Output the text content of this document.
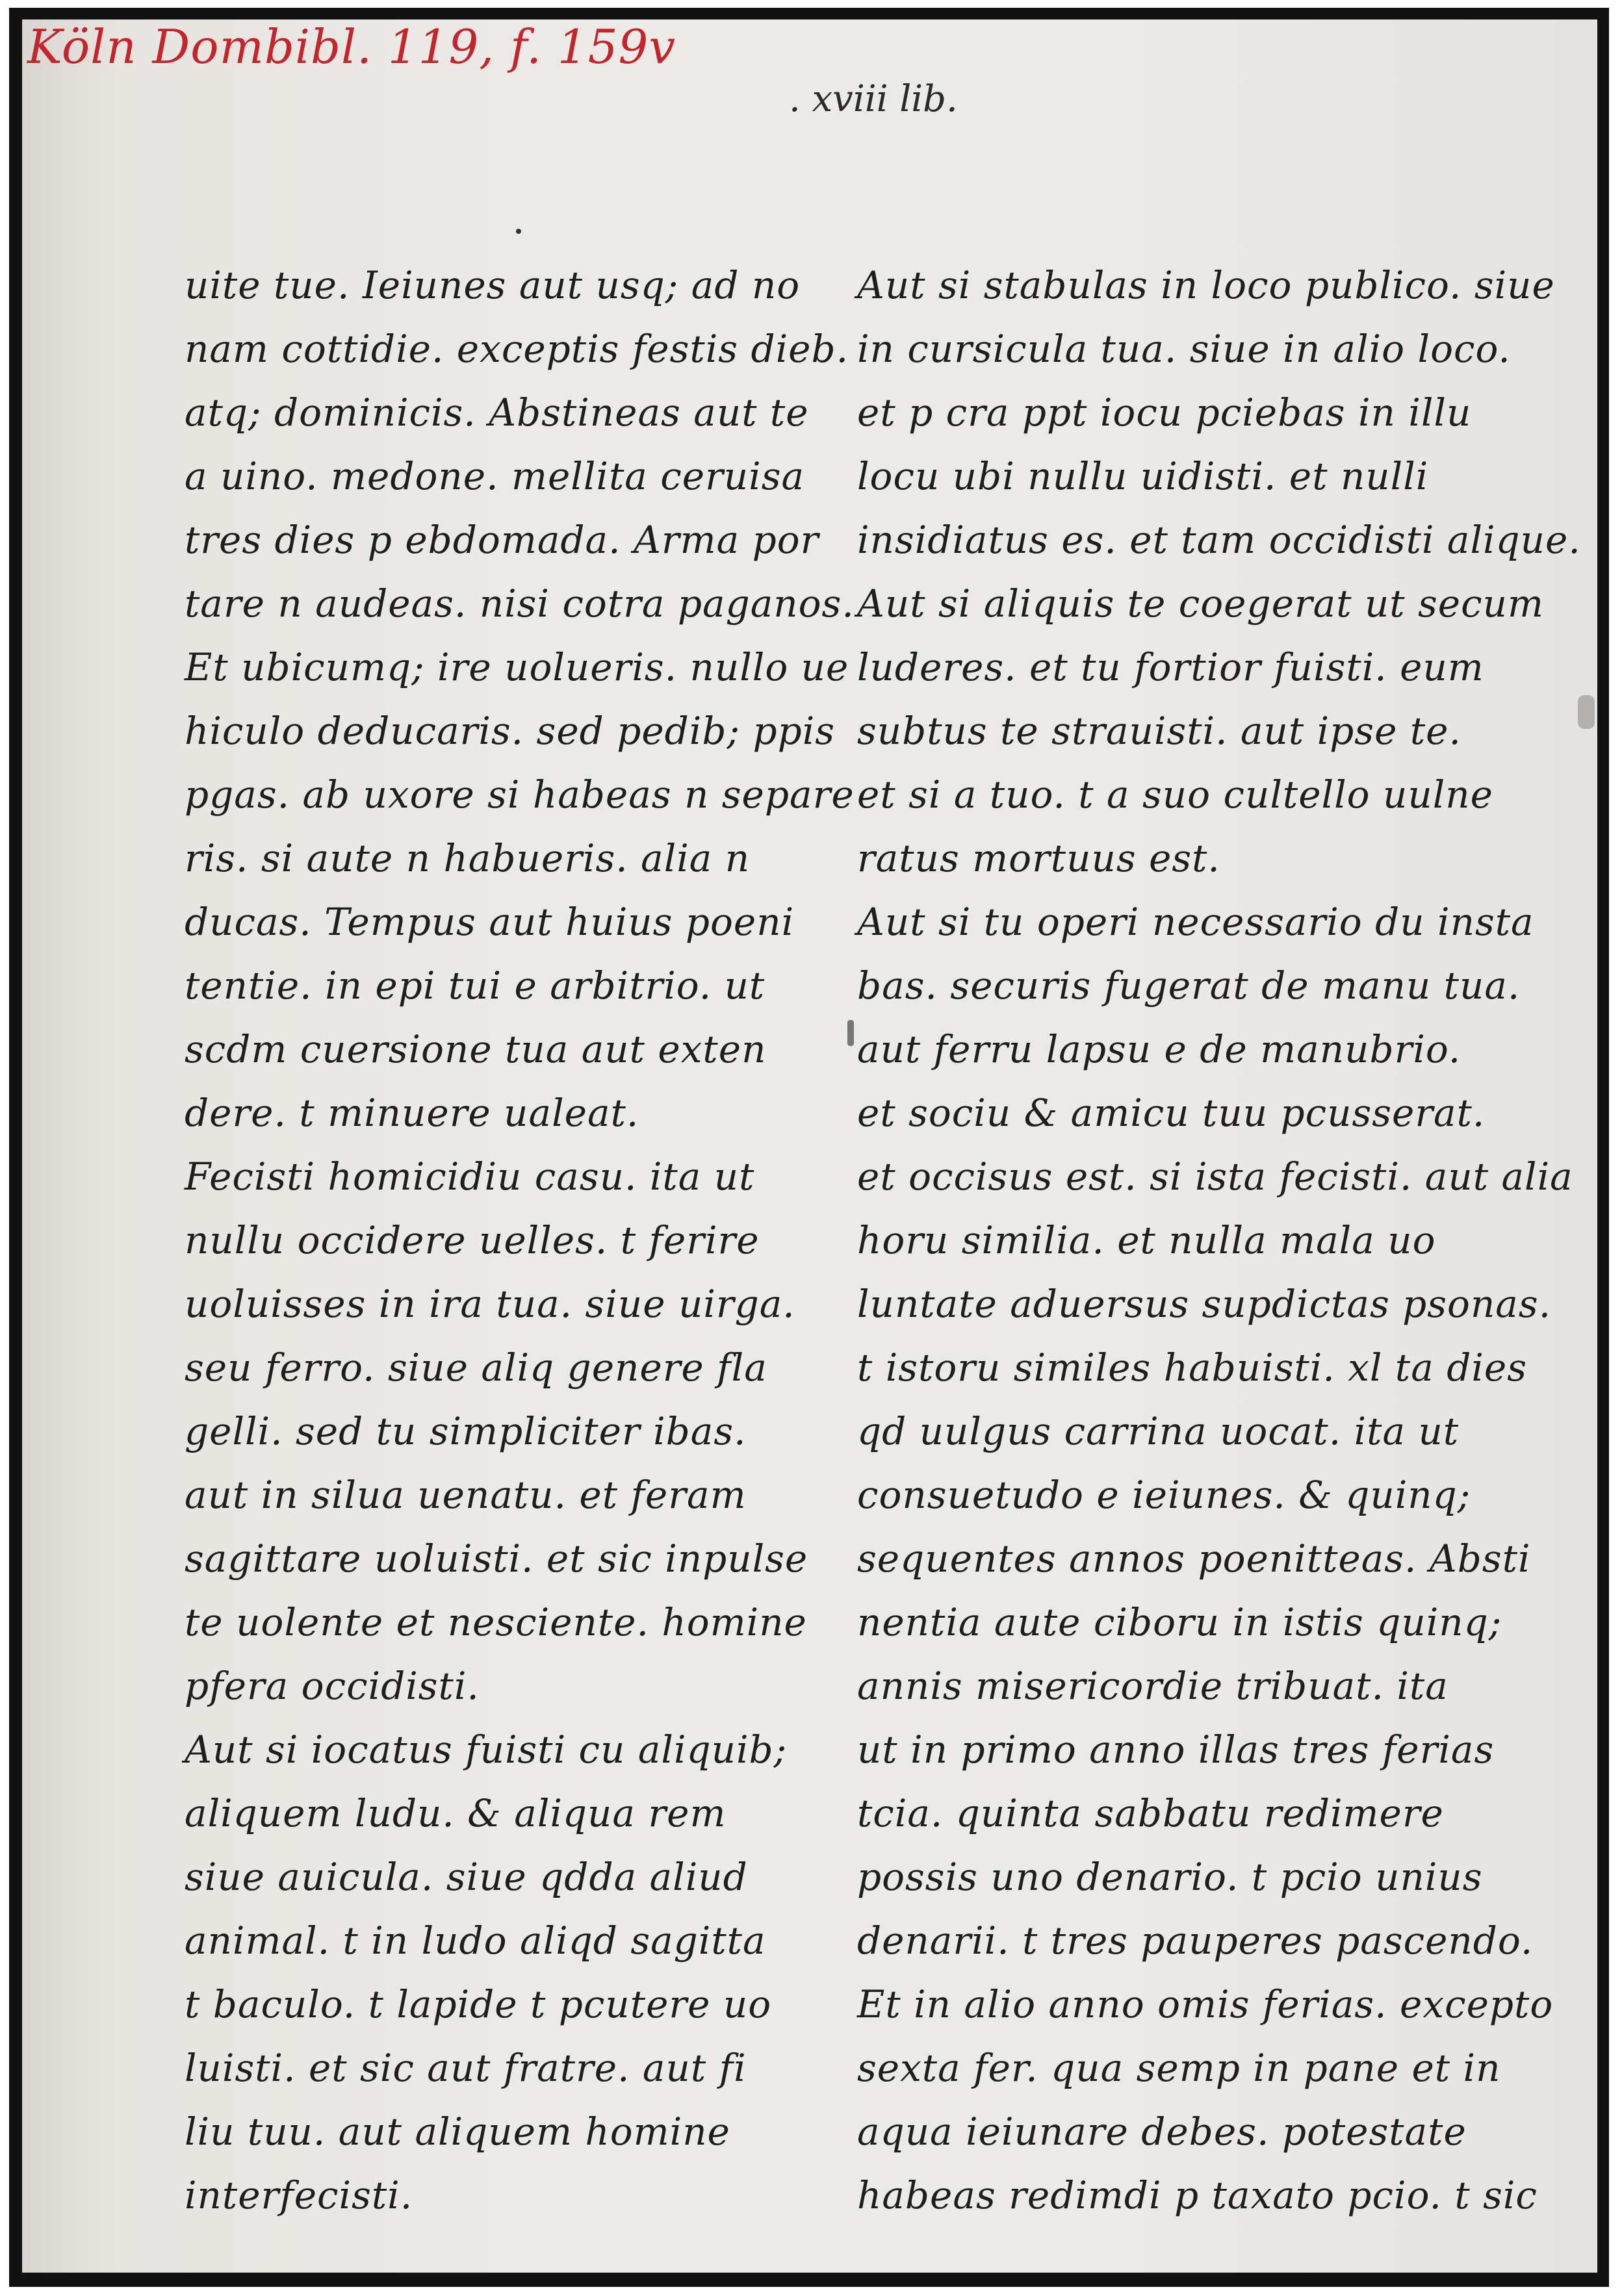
Köln Dombibl. 119, f. 159v
. xviii lib.
uite tue. Ieiunes aut usq; ad no
nam cottidie. exceptis festis dieb.
atq; dominicis. Abstineas aut te
a uino. medone. mellita ceruisa
tres dies p ebdomada. Arma por
tare n audeas. nisi cotra paganos.
Et ubicumq; ire uolueris. nullo ue
hiculo deducaris. sed pedib; ppis
pgas. ab uxore si habeas n separe
ris. si aute n habueris. alia n
ducas. Tempus aut huius poeni
tentie. in epi tui e arbitrio. ut
scdm cuersione tua aut exten
dere. t minuere ualeat.
Fecisti homicidiu casu. ita ut
nullu occidere uelles. t ferire
uoluisses in ira tua. siue uirga.
seu ferro. siue aliq genere fla
gelli. sed tu simpliciter ibas.
aut in silua uenatu. et feram
sagittare uoluisti. et sic inpulse
te uolente et nesciente. homine
pfera occidisti.
Aut si iocatus fuisti cu aliquib;
aliquem ludu. & aliqua rem
siue auicula. siue qdda aliud
animal. t in ludo aliqd sagitta
t baculo. t lapide t pcutere uo
luisti. et sic aut fratre. aut fi
liu tuu. aut aliquem homine
interfecisti.
Aut si stabulas in loco publico. siue
in cursicula tua. siue in alio loco.
et p cra ppt iocu pciebas in illu
locu ubi nullu uidisti. et nulli
insidiatus es. et tam occidisti alique.
Aut si aliquis te coegerat ut secum
luderes. et tu fortior fuisti. eum
subtus te strauisti. aut ipse te.
et si a tuo. t a suo cultello uulne
ratus mortuus est.
Aut si tu operi necessario du insta
bas. securis fugerat de manu tua.
aut ferru lapsu e de manubrio.
et sociu & amicu tuu pcusserat.
et occisus est. si ista fecisti. aut alia
horu similia. et nulla mala uo
luntate aduersus supdictas psonas.
t istoru similes habuisti. xl ta dies
qd uulgus carrina uocat. ita ut
consuetudo e ieiunes. & quinq;
sequentes annos poenitteas. Absti
nentia aute ciboru in istis quinq;
annis misericordie tribuat. ita
ut in primo anno illas tres ferias
tcia. quinta sabbatu redimere
possis uno denario. t pcio unius
denarii. t tres pauperes pascendo.
Et in alio anno omis ferias. excepto
sexta fer. qua semp in pane et in
aqua ieiunare debes. potestate
habeas redimdi p taxato pcio. t sic
